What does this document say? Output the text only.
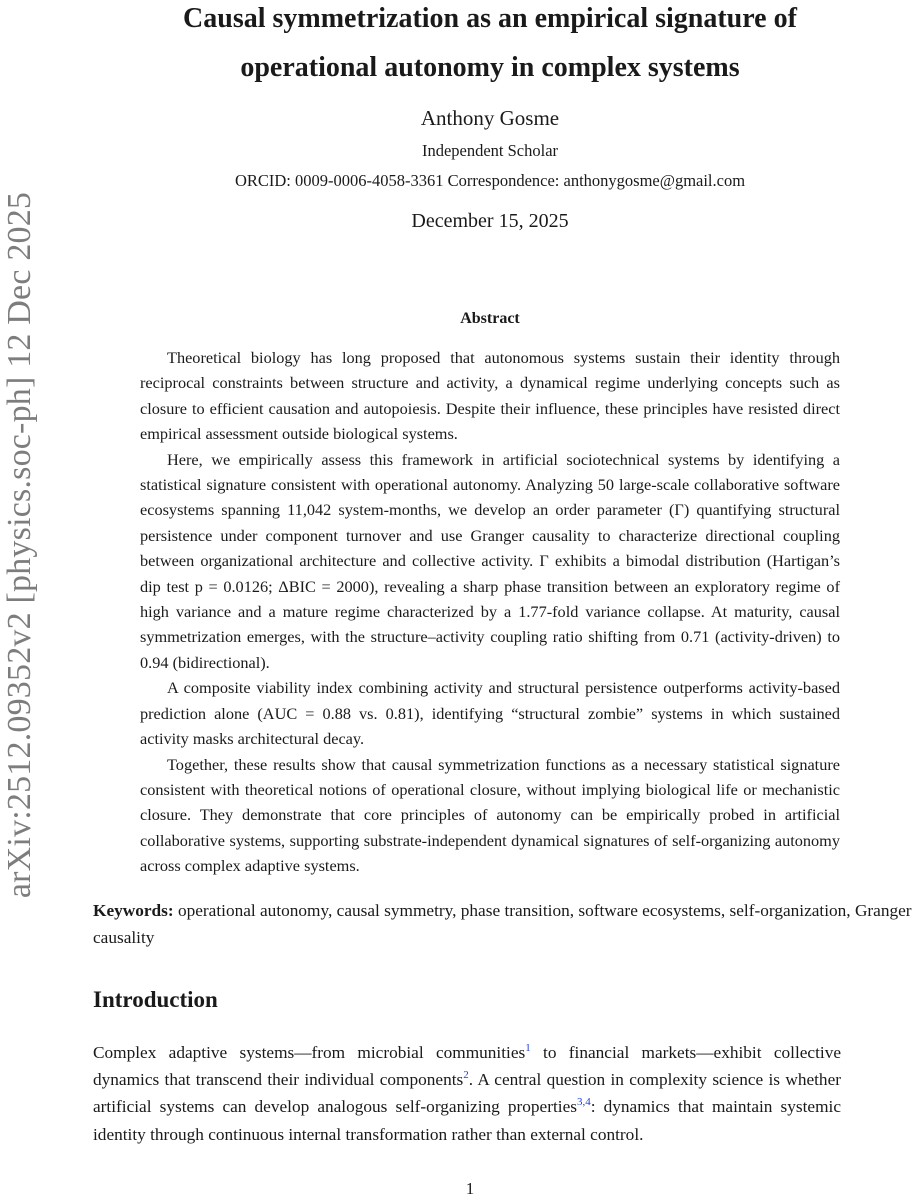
arXiv:2512.09352v2 [physics.soc-ph] 12 Dec 2025
Causal symmetrization as an empirical signature of
operational autonomy in complex systems
Anthony Gosme
Independent Scholar
ORCID: 0009-0006-4058-3361 Correspondence: anthonygosme@gmail.com
December 15, 2025
Abstract

Theoretical biology has long proposed that autonomous systems sustain their identity through reciprocal constraints between structure and activity, a dynamical regime underlying concepts such as closure to efficient causation and autopoiesis. Despite their influence, these principles have resisted direct empirical assessment outside biological systems.

Here, we empirically assess this framework in artificial sociotechnical systems by identifying a statistical signature consistent with operational autonomy. Analyzing 50 large-scale collaborative software ecosystems spanning 11,042 system-months, we develop an order parameter (Γ) quantifying structural persistence under component turnover and use Granger causality to characterize directional coupling between organizational architecture and collective activity. Γ exhibits a bimodal distribution (Hartigan’s dip test p = 0.0126; ΔBIC = 2000), revealing a sharp phase transition between an exploratory regime of high variance and a mature regime characterized by a 1.77-fold variance collapse. At maturity, causal symmetrization emerges, with the structure–activity coupling ratio shifting from 0.71 (activity-driven) to 0.94 (bidirectional).

A composite viability index combining activity and structural persistence outperforms activity-based prediction alone (AUC = 0.88 vs. 0.81), identifying “structural zombie” systems in which sustained activity masks architectural decay.

Together, these results show that causal symmetrization functions as a necessary statistical signature consistent with theoretical notions of operational closure, without implying biological life or mechanistic closure. They demonstrate that core principles of autonomy can be empirically probed in artificial collaborative systems, supporting substrate-independent dynamical signatures of self-organizing autonomy across complex adaptive systems.

Keywords: operational autonomy, causal symmetry, phase transition, software ecosystems, self-organization, Granger causality
Introduction

Complex adaptive systems—from microbial communities$^1$ to financial markets—exhibit collective dynamics that transcend their individual components$^2$. A central question in complexity science is whether artificial systems can develop analogous self-organizing properties$^{3,4}$: dynamics that maintain systemic identity through continuous internal transformation rather than external control.

1
